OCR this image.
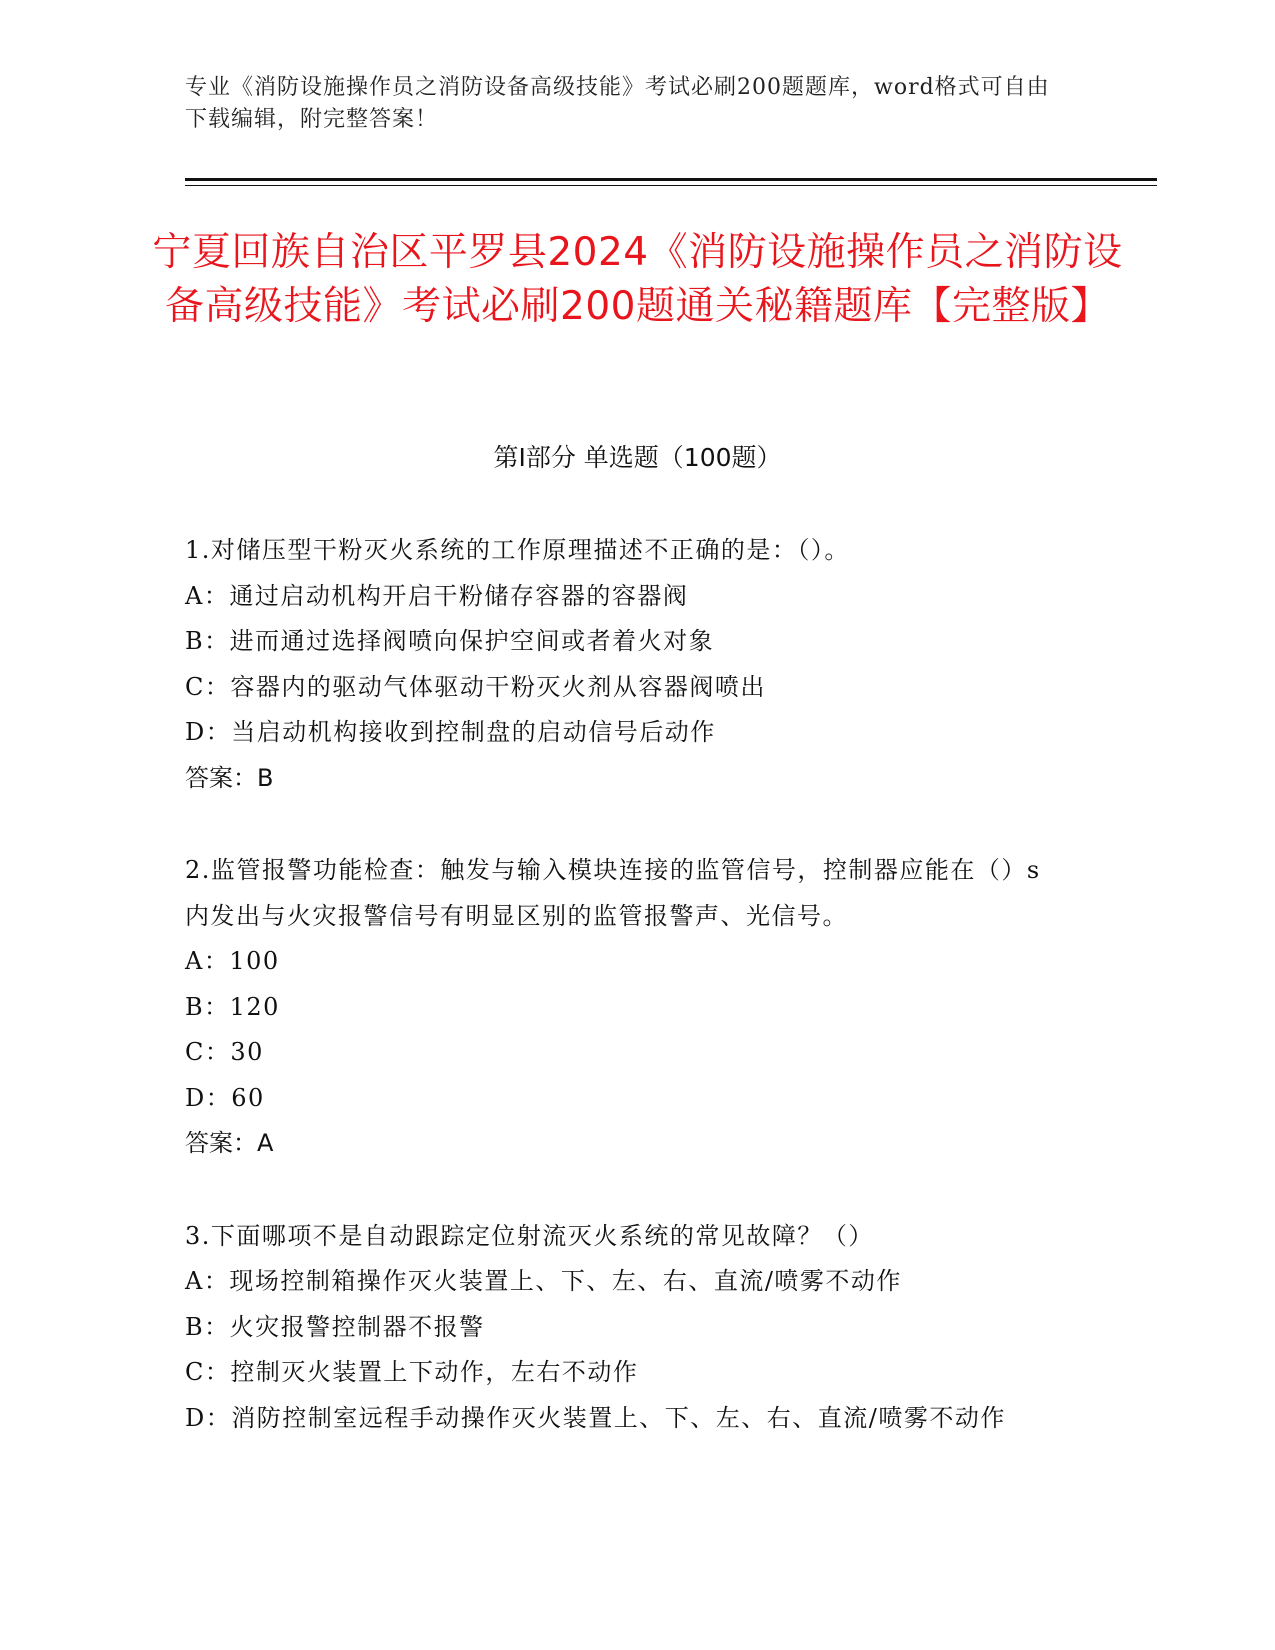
专业《消防设施操作员之消防设备高级技能》考试必刷200题题库，word格式可自由下载编辑，附完整答案！
宁夏回族自治区平罗县2024《消防设施操作员之消防设备高级技能》考试必刷200题通关秘籍题库【完整版】
第Ⅰ部分 单选题（100题）
1.对储压型干粉灭火系统的工作原理描述不正确的是：（）。
A：通过启动机构开启干粉储存容器的容器阀
B：进而通过选择阀喷向保护空间或者着火对象
C：容器内的驱动气体驱动干粉灭火剂从容器阀喷出
D：当启动机构接收到控制盘的启动信号后动作
答案：B
2.监管报警功能检查：触发与输入模块连接的监管信号，控制器应能在（）s内发出与火灾报警信号有明显区别的监管报警声、光信号。
A：100
B：120
C：30
D：60
答案：A
3.下面哪项不是自动跟踪定位射流灭火系统的常见故障？（）
A：现场控制箱操作灭火装置上、下、左、右、直流/喷雾不动作
B：火灾报警控制器不报警
C：控制灭火装置上下动作，左右不动作
D：消防控制室远程手动操作灭火装置上、下、左、右、直流/喷雾不动作
